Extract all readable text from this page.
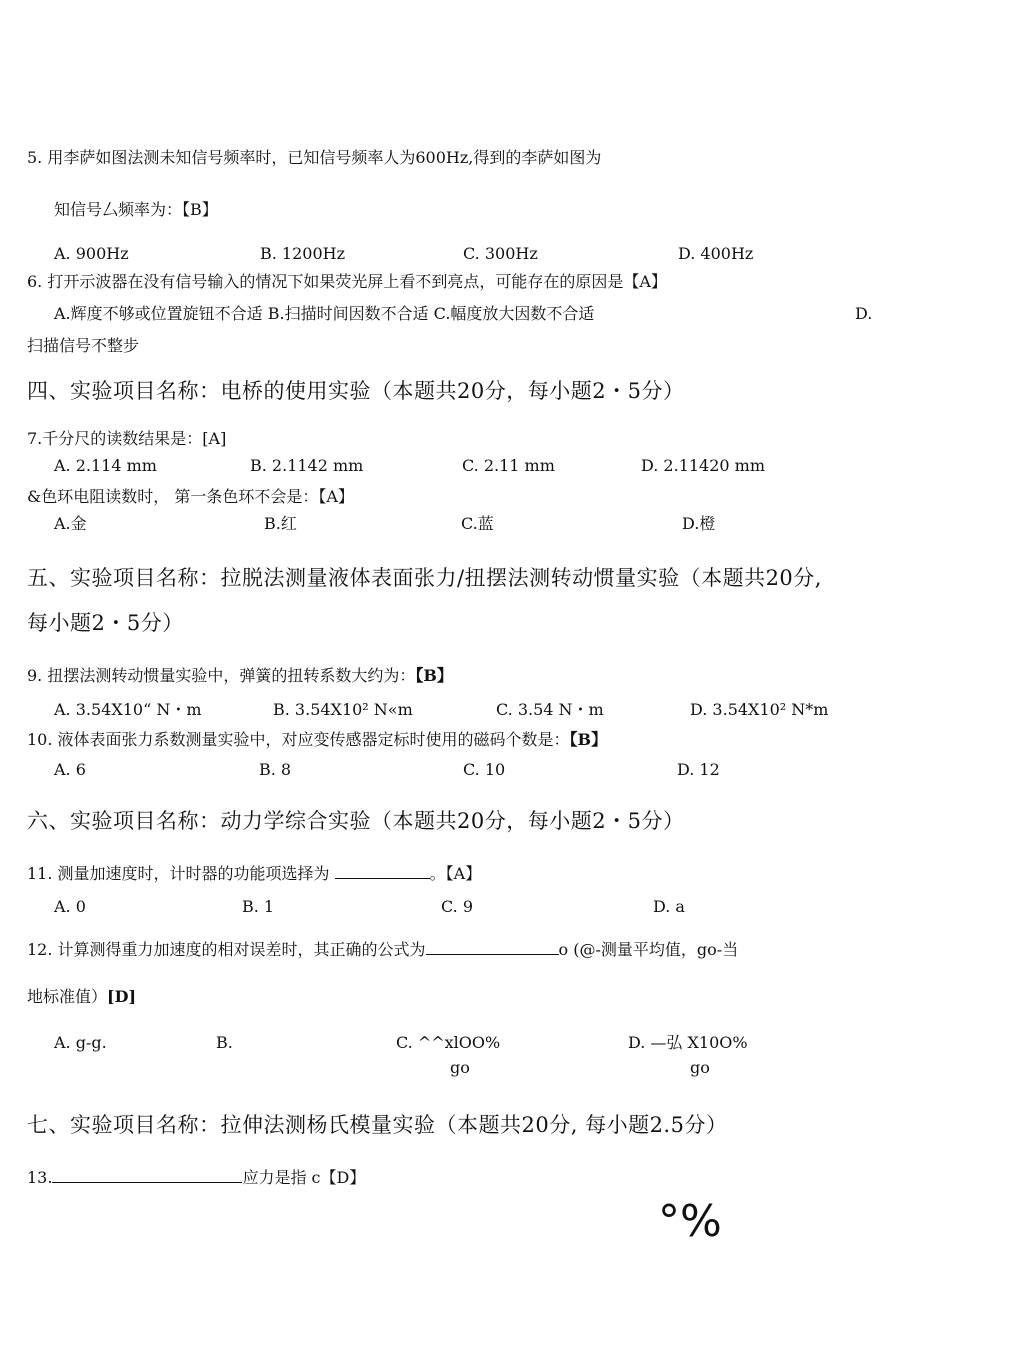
5. 用李萨如图法测未知信号频率时，已知信号频率人为600Hz,得到的李萨如图为
知信号厶频率为：【B】
A. 900Hz	B. 1200Hz	C. 300Hz	D. 400Hz
6. 打开示波器在没有信号输入的情况下如果荧光屏上看不到亮点，可能存在的原因是【A】
A.辉度不够或位置旋钮不合适 B.扫描时间因数不合适 C.幅度放大因数不合适	D.
扫描信号不整步
四、实验项目名称：电桥的使用实验（本题共20分，每小题2・5分）
7.千分尺的读数结果是：[A]
A. 2.114 mm	B. 2.1142 mm	C. 2.11 mm	D. 2.11420 mm
&色环电阻读数时， 第一条色环不会是：【A】
A.金	B.红	C.蓝	D.橙
五、实验项目名称：拉脱法测量液体表面张力/扭摆法测转动惯量实验（本题共20分,
每小题2・5分）
9. 扭摆法测转动惯量实验中，弹簧的扭转系数大约为：【B】
A. 3.54X10“ N・m	B. 3.54X10² N«m	C. 3.54 N・m	D. 3.54X10² N*m
10. 液体表面张力系数测量实验中，对应变传感器定标时使用的磁码个数是：【B】
A. 6	B. 8	C. 10	D. 12
六、实验项目名称：动力学综合实验（本题共20分，每小题2・5分）
11. 测量加速度时，计时器的功能项选择为	。【A】
A. 0	B. 1	C. 9	D. a
12. 计算测得重力加速度的相对误差时，其正确的公式为	o (@-测量平均值，go-当
地标准值）[D]
A. g-g.	B.	C. ^^xlOO%	D. —弘 X10O%
go	go
七、实验项目名称：拉伸法测杨氏模量实验（本题共20分, 每小题2.5分）
13.	应力是指 c【D】
°%
